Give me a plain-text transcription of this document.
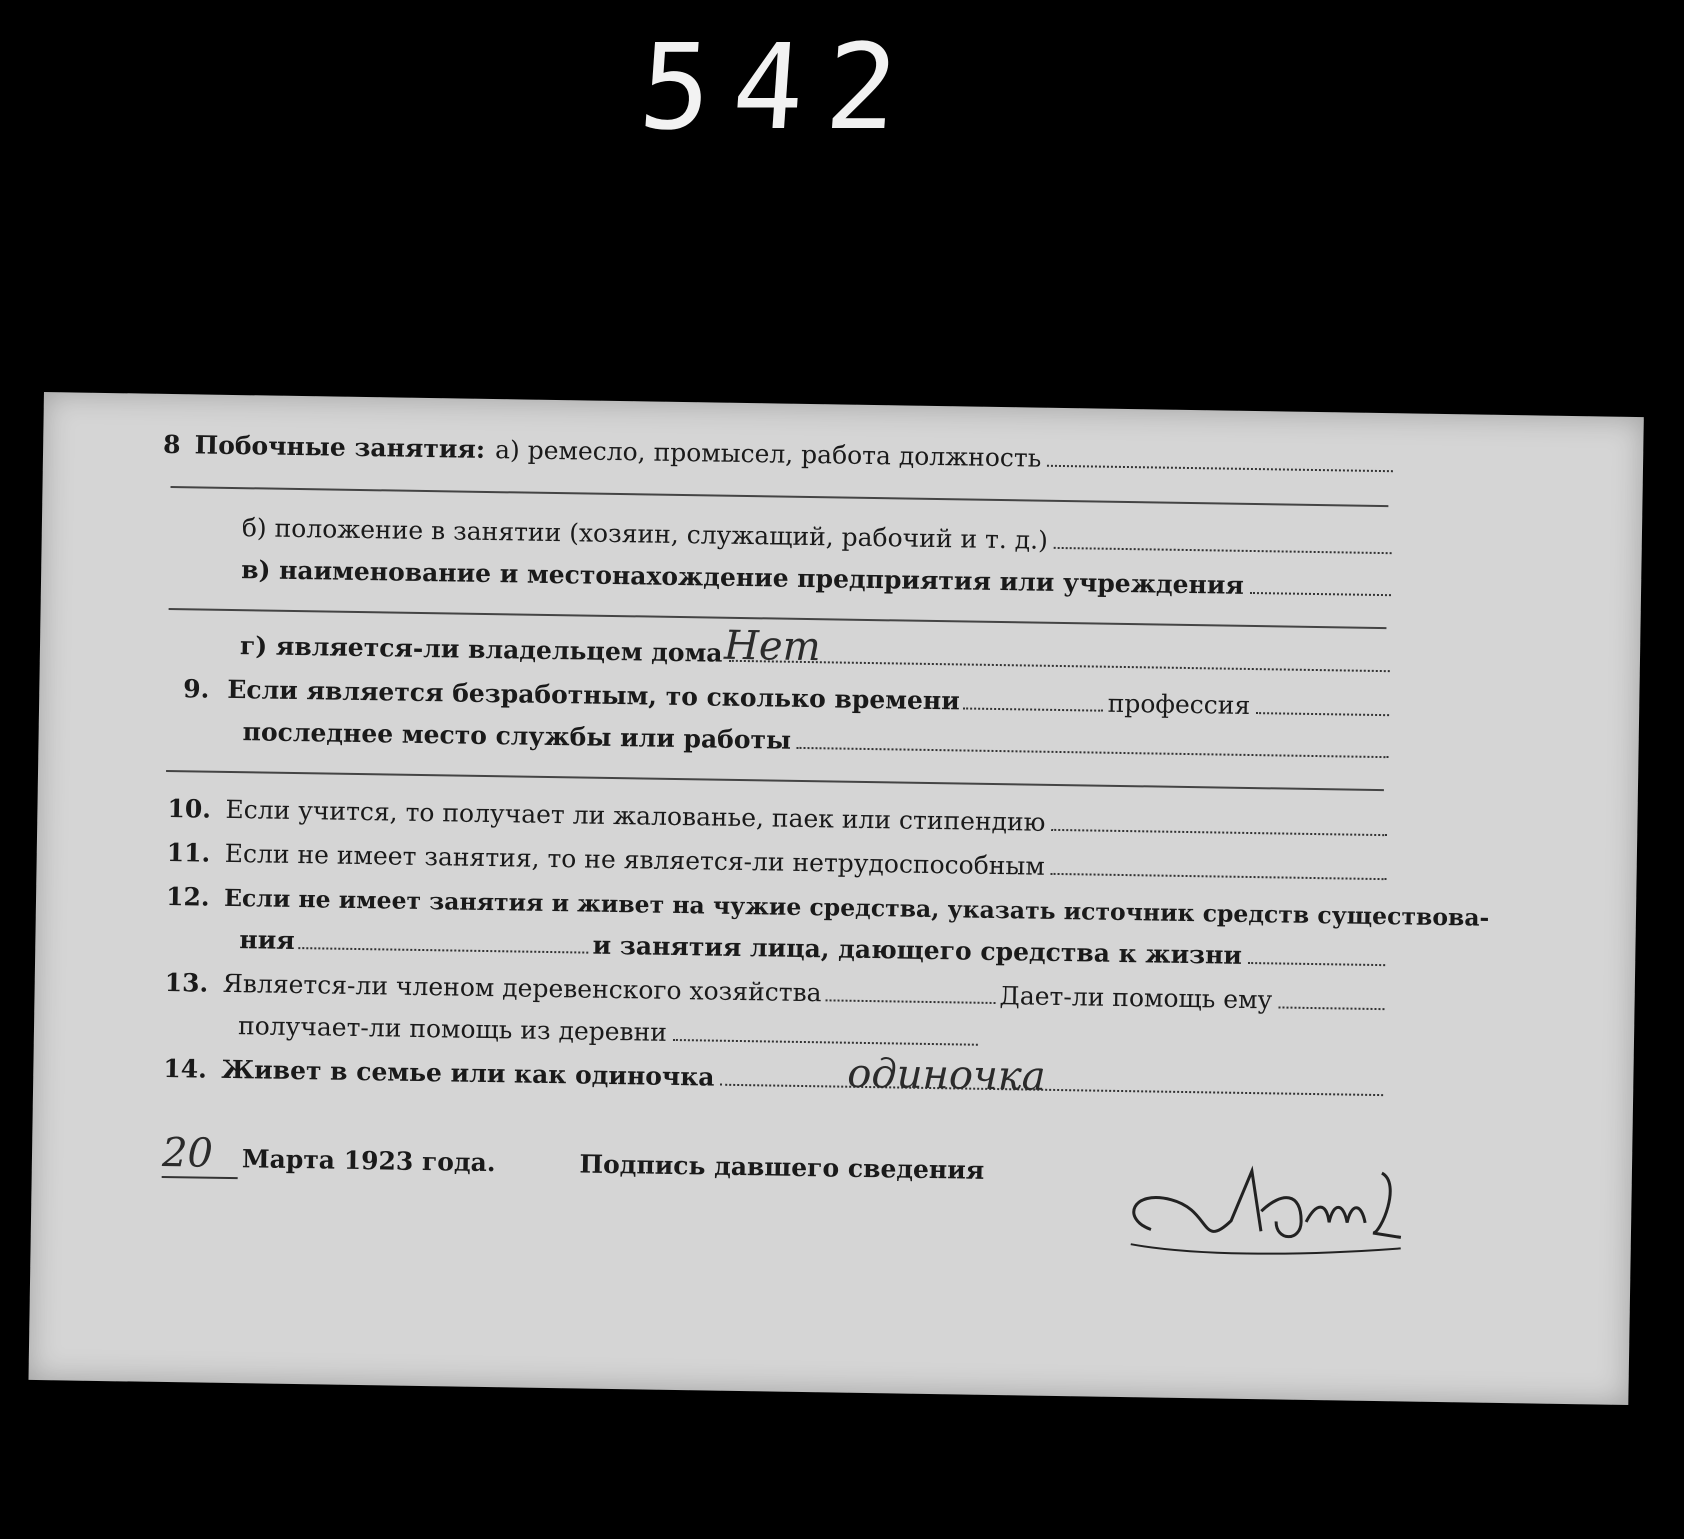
542
8 Побочные занятия: а) ремесло, промысел, работа должность
б) положение в занятии (хозяин, служащий, рабочий и т. д.)
в) наименование и местонахождение предприятия или учреждения
г) является-ли владельцем дома Нет
9. Если является безработным, то сколько времени	профессия
последнее место службы или работы
10. Если учится, то получает ли жалованье, паек или стипендию
11. Если не имеет занятия, то не является-ли нетрудоспособным
12. Если не имеет занятия и живет на чужие средства, указать источник средств существова-
ния	и занятия лица, дающего средства к жизни
13. Является-ли членом деревенского хозяйства	Дает-ли помощь ему
получает-ли помощь из деревни
14. Живет в семье или как одиночка	одиночка
20	Марта 1923 года.	Подпись давшего сведения
